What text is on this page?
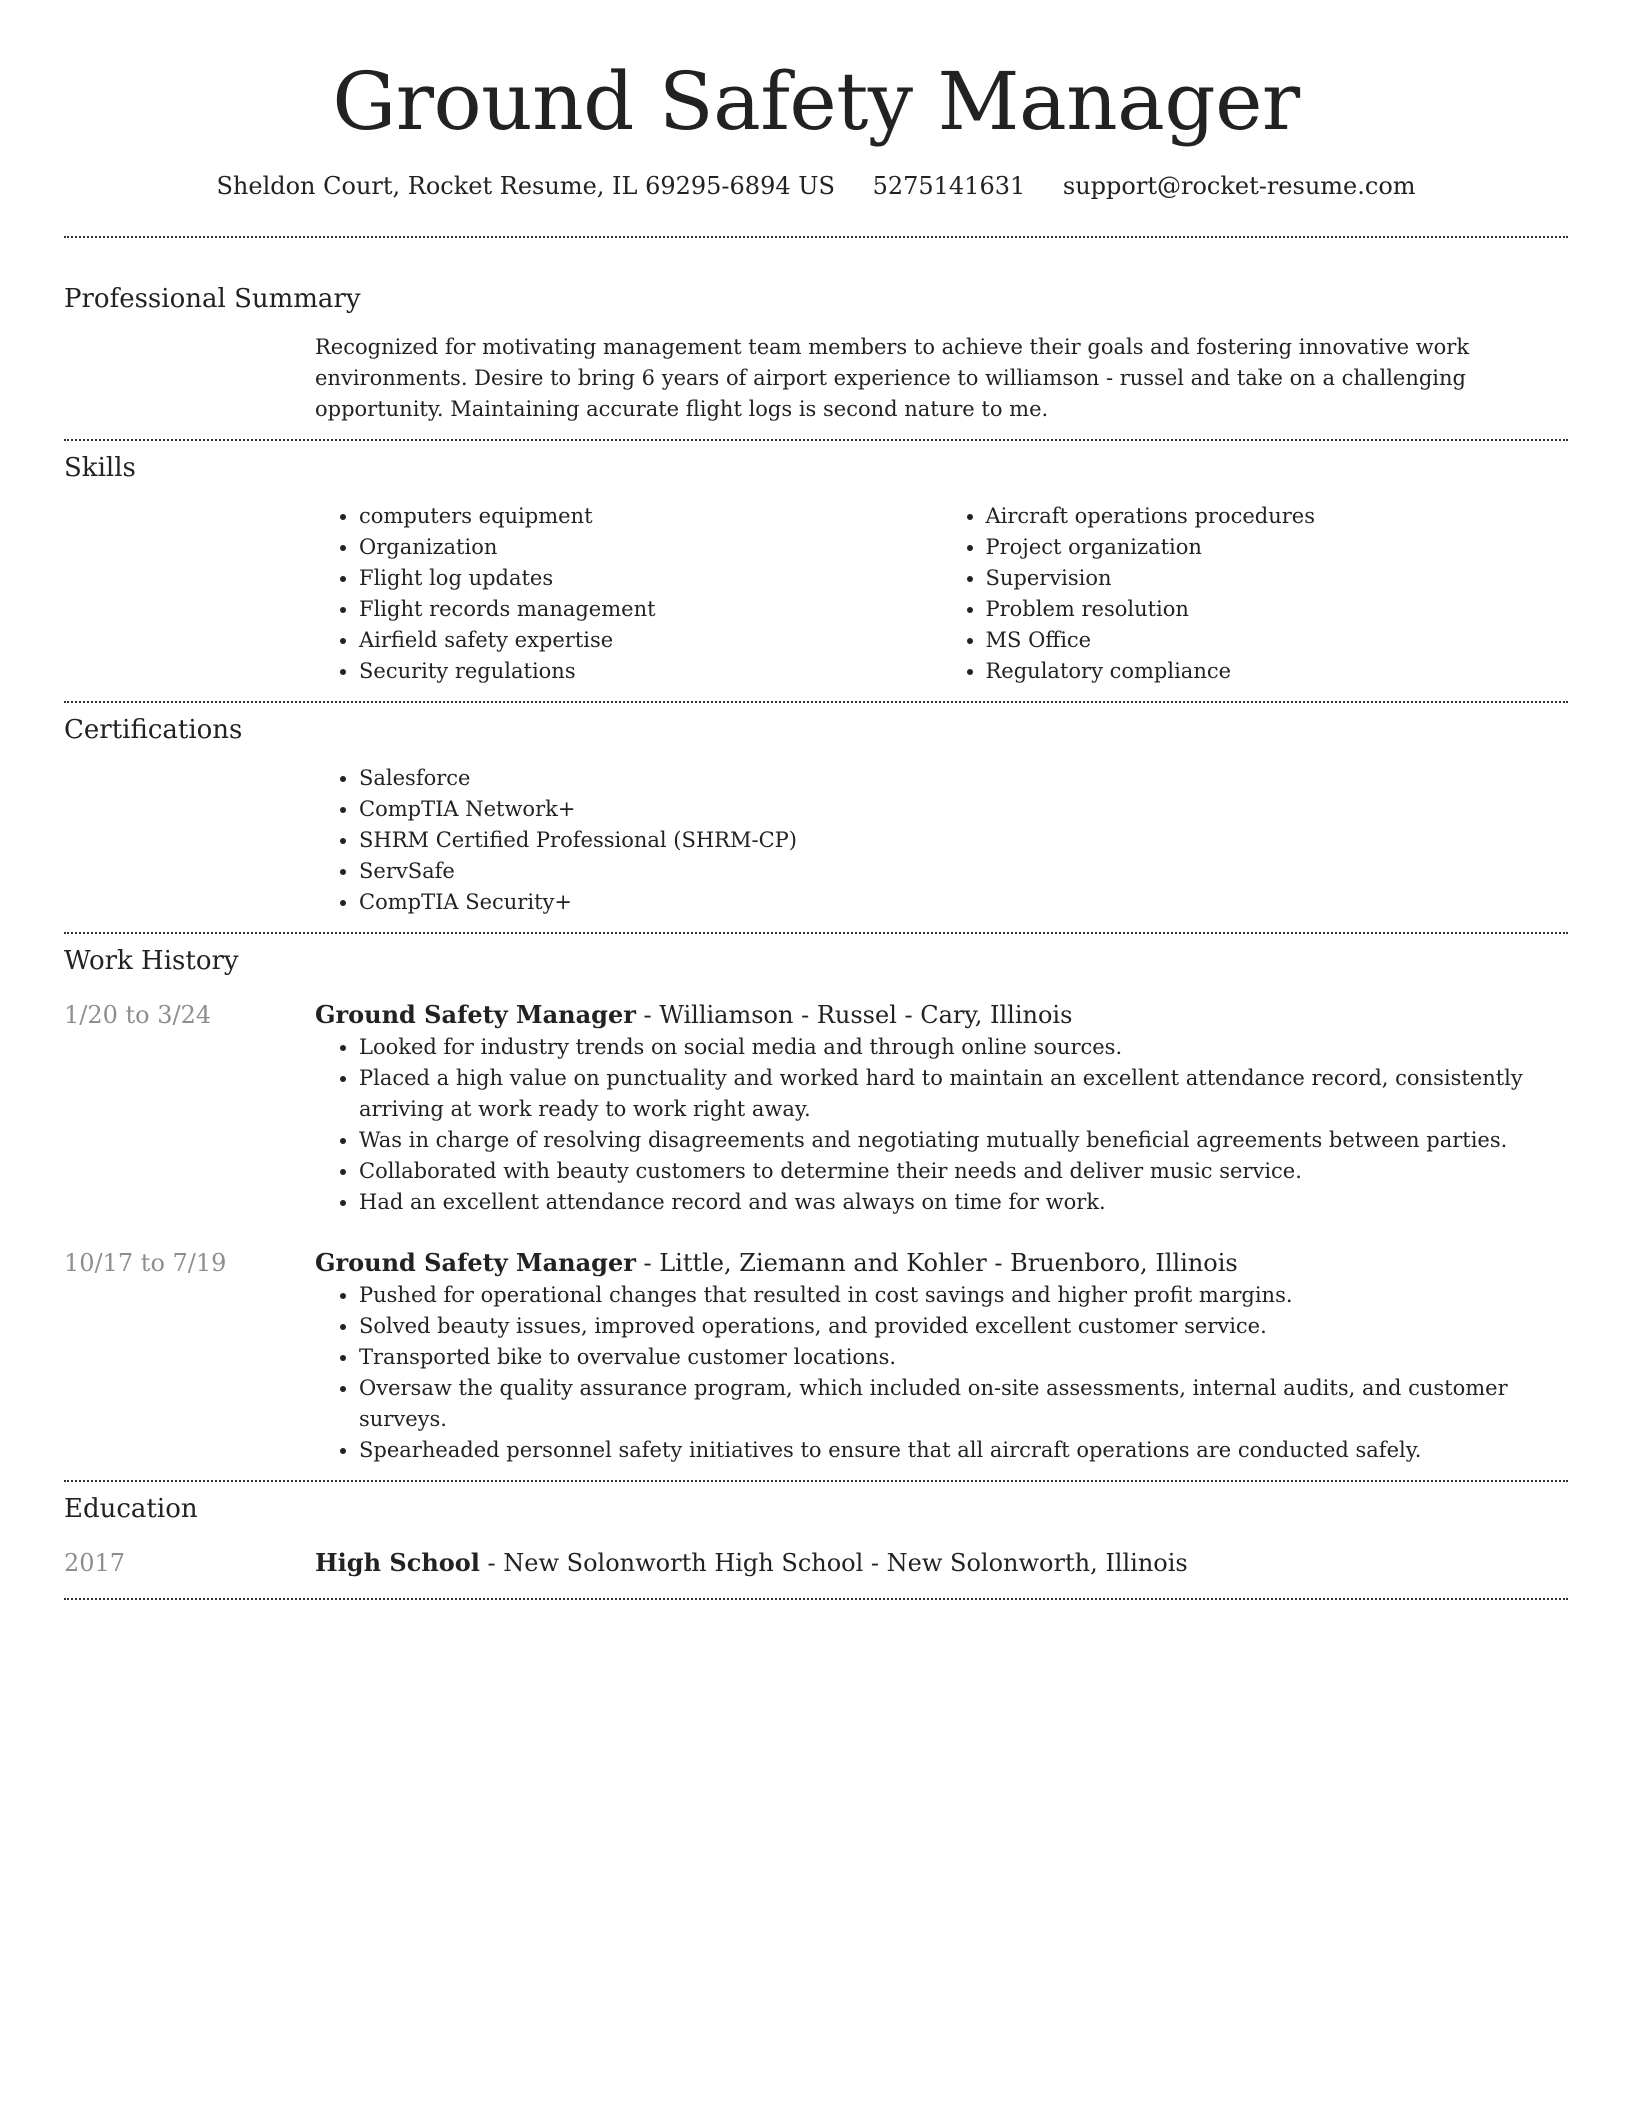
Ground Safety Manager
Sheldon Court, Rocket Resume, IL 69295-6894 US 5275141631 support@rocket-resume.com
Professional Summary
Recognized for motivating management team members to achieve their goals and fostering innovative work environments. Desire to bring 6 years of airport experience to williamson - russel and take on a challenging opportunity. Maintaining accurate flight logs is second nature to me.
Skills
• computers equipment
• Organization
• Flight log updates
• Flight records management
• Airfield safety expertise
• Security regulations
• Aircraft operations procedures
• Project organization
• Supervision
• Problem resolution
• MS Office
• Regulatory compliance
Certifications
• Salesforce
• CompTIA Network+
• SHRM Certified Professional (SHRM-CP)
• ServSafe
• CompTIA Security+
Work History
1/20 to 3/24	Ground Safety Manager - Williamson - Russel - Cary, Illinois
• Looked for industry trends on social media and through online sources.
• Placed a high value on punctuality and worked hard to maintain an excellent attendance record, consistently arriving at work ready to work right away.
• Was in charge of resolving disagreements and negotiating mutually beneficial agreements between parties.
• Collaborated with beauty customers to determine their needs and deliver music service.
• Had an excellent attendance record and was always on time for work.
10/17 to 7/19	Ground Safety Manager - Little, Ziemann and Kohler - Bruenboro, Illinois
• Pushed for operational changes that resulted in cost savings and higher profit margins.
• Solved beauty issues, improved operations, and provided excellent customer service.
• Transported bike to overvalue customer locations.
• Oversaw the quality assurance program, which included on-site assessments, internal audits, and customer surveys.
• Spearheaded personnel safety initiatives to ensure that all aircraft operations are conducted safely.
Education
2017	High School - New Solonworth High School - New Solonworth, Illinois
